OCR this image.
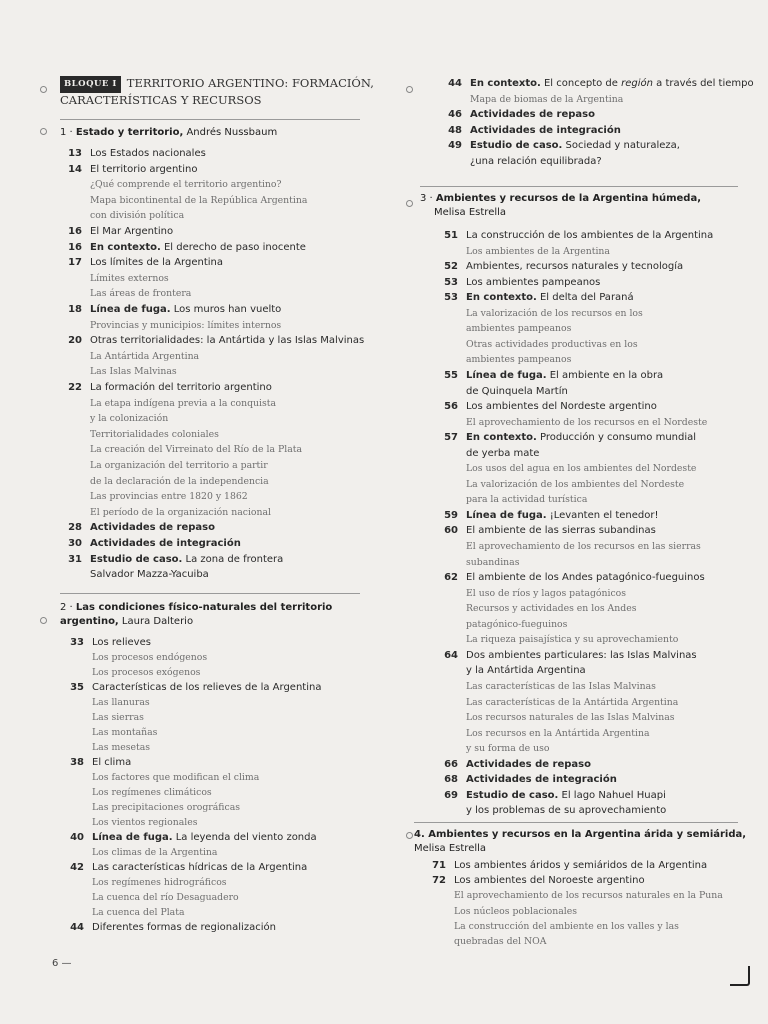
BLOQUE I TERRITORIO ARGENTINO: FORMACIÓN,
CARACTERÍSTICAS Y RECURSOS
1 · Estado y territorio, Andrés Nussbaum
13 Los Estados nacionales
14 El territorio argentino
¿Qué comprende el territorio argentino?
Mapa bicontinental de la República Argentina
con división política
16 El Mar Argentino
16 En contexto. El derecho de paso inocente
17 Los límites de la Argentina
Límites externos
Las áreas de frontera
18 Línea de fuga. Los muros han vuelto
Provincias y municipios: límites internos
20 Otras territorialidades: la Antártida y las Islas Malvinas
La Antártida Argentina
Las Islas Malvinas
22 La formación del territorio argentino
La etapa indígena previa a la conquista
y la colonización
Territorialidades coloniales
La creación del Virreinato del Río de la Plata
La organización del territorio a partir
de la declaración de la independencia
Las provincias entre 1820 y 1862
El período de la organización nacional
28 Actividades de repaso
30 Actividades de integración
31 Estudio de caso. La zona de frontera
Salvador Mazza-Yacuiba
2 · Las condiciones físico-naturales del territorio
argentino, Laura Dalterio
33 Los relieves
Los procesos endógenos
Los procesos exógenos
35 Características de los relieves de la Argentina
Las llanuras
Las sierras
Las montañas
Las mesetas
38 El clima
Los factores que modifican el clima
Los regímenes climáticos
Las precipitaciones orográficas
Los vientos regionales
40 Línea de fuga. La leyenda del viento zonda
Los climas de la Argentina
42 Las características hídricas de la Argentina
Los regímenes hidrográficos
La cuenca del río Desaguadero
La cuenca del Plata
44 Diferentes formas de regionalización
44 En contexto. El concepto de región a través del tiempo
Mapa de biomas de la Argentina
46 Actividades de repaso
48 Actividades de integración
49 Estudio de caso. Sociedad y naturaleza,
¿una relación equilibrada?
3 · Ambientes y recursos de la Argentina húmeda,
Melisa Estrella
51 La construcción de los ambientes de la Argentina
Los ambientes de la Argentina
52 Ambientes, recursos naturales y tecnología
53 Los ambientes pampeanos
53 En contexto. El delta del Paraná
La valorización de los recursos en los
ambientes pampeanos
Otras actividades productivas en los
ambientes pampeanos
55 Línea de fuga. El ambiente en la obra
de Quinquela Martín
56 Los ambientes del Nordeste argentino
El aprovechamiento de los recursos en el Nordeste
57 En contexto. Producción y consumo mundial
de yerba mate
Los usos del agua en los ambientes del Nordeste
La valorización de los ambientes del Nordeste
para la actividad turística
59 Línea de fuga. ¡Levanten el tenedor!
60 El ambiente de las sierras subandinas
El aprovechamiento de los recursos en las sierras
subandinas
62 El ambiente de los Andes patagónico-fueguinos
El uso de ríos y lagos patagónicos
Recursos y actividades en los Andes
patagónico-fueguinos
La riqueza paisajística y su aprovechamiento
64 Dos ambientes particulares: las Islas Malvinas
y la Antártida Argentina
Las características de las Islas Malvinas
Las características de la Antártida Argentina
Los recursos naturales de las Islas Malvinas
Los recursos en la Antártida Argentina
y su forma de uso
66 Actividades de repaso
68 Actividades de integración
69 Estudio de caso. El lago Nahuel Huapi
y los problemas de su aprovechamiento
4. Ambientes y recursos en la Argentina árida y semiárida,
Melisa Estrella
71 Los ambientes áridos y semiáridos de la Argentina
72 Los ambientes del Noroeste argentino
El aprovechamiento de los recursos naturales en la Puna
Los núcleos poblacionales
La construcción del ambiente en los valles y las
quebradas del NOA
6 —
